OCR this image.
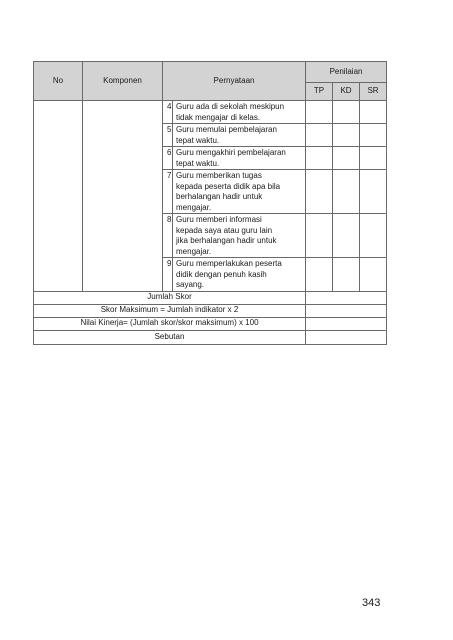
No	Komponen	Pernyataan		Penilaian		
				TP	KD	SR
		4	Guru ada di sekolah meskipun
tidak mengajar di kelas.			

		5	Guru memulai pembelajaran
tepat waktu.			

		6	Guru mengakhiri pembelajaran
tepat waktu.			

		7	Guru memberikan tugas
kepada peserta didik apa bila
berhalangan hadir untuk
mengajar.			

		8	Guru memberi informasi
kepada saya atau guru lain
jika berhalangan hadir untuk
mengajar.			

		9	Guru memperlakukan peserta
didik dengan penuh kasih
sayang.			

Jumlah Skor						
Skor Maksimum = Jumlah indikator x 2						
Nilai Kinerja= (Jumlah skor/skor maksimum) x 100						
Sebutan						
343
